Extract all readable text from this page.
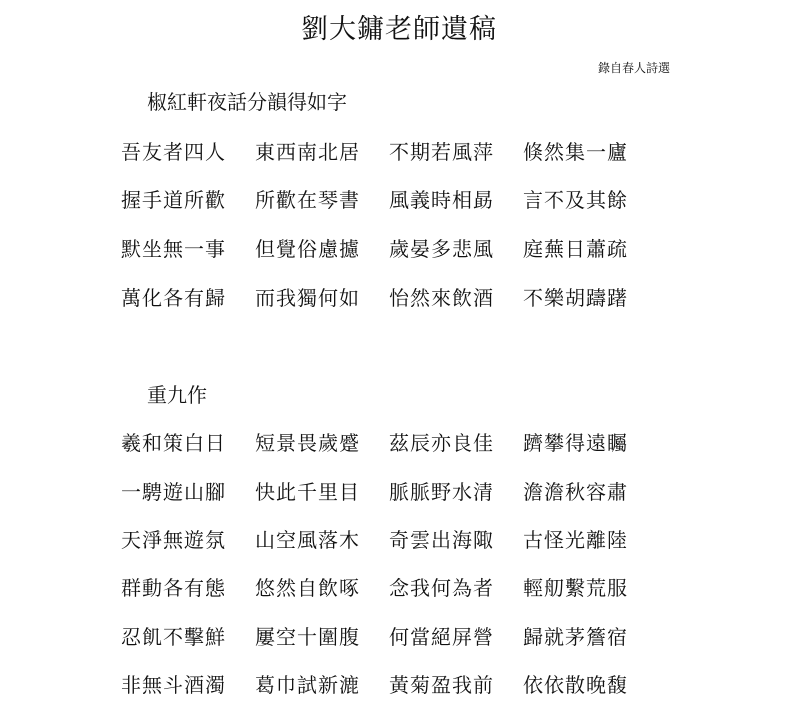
劉大鏞老師遺稿
錄自春人詩選
椒紅軒夜話分韻得如字
吾友者四人 東西南北居 不期若風萍 倏然集一廬
握手道所歡 所歡在琴書 風義時相勗 言不及其餘
默坐無一事 但覺俗慮攄 歲晏多悲風 庭蕪日蕭疏
萬化各有歸 而我獨何如 怡然來飲酒 不樂胡躊躇
重九作
羲和策白日 短景畏歲蹙 茲辰亦良佳 躋攀得遠矚
一騁遊山腳 快此千里目 脈脈野水清 澹澹秋容肅
天淨無遊氛 山空風落木 奇雲出海陬 古怪光離陸
群動各有態 悠然自飲啄 念我何為者 輕舠繫荒服
忍飢不擊鮮 屢空十圍腹 何當絕屏營 歸就茅簷宿
非無斗酒濁 葛巾試新漉 黃菊盈我前 依依散晚馥
